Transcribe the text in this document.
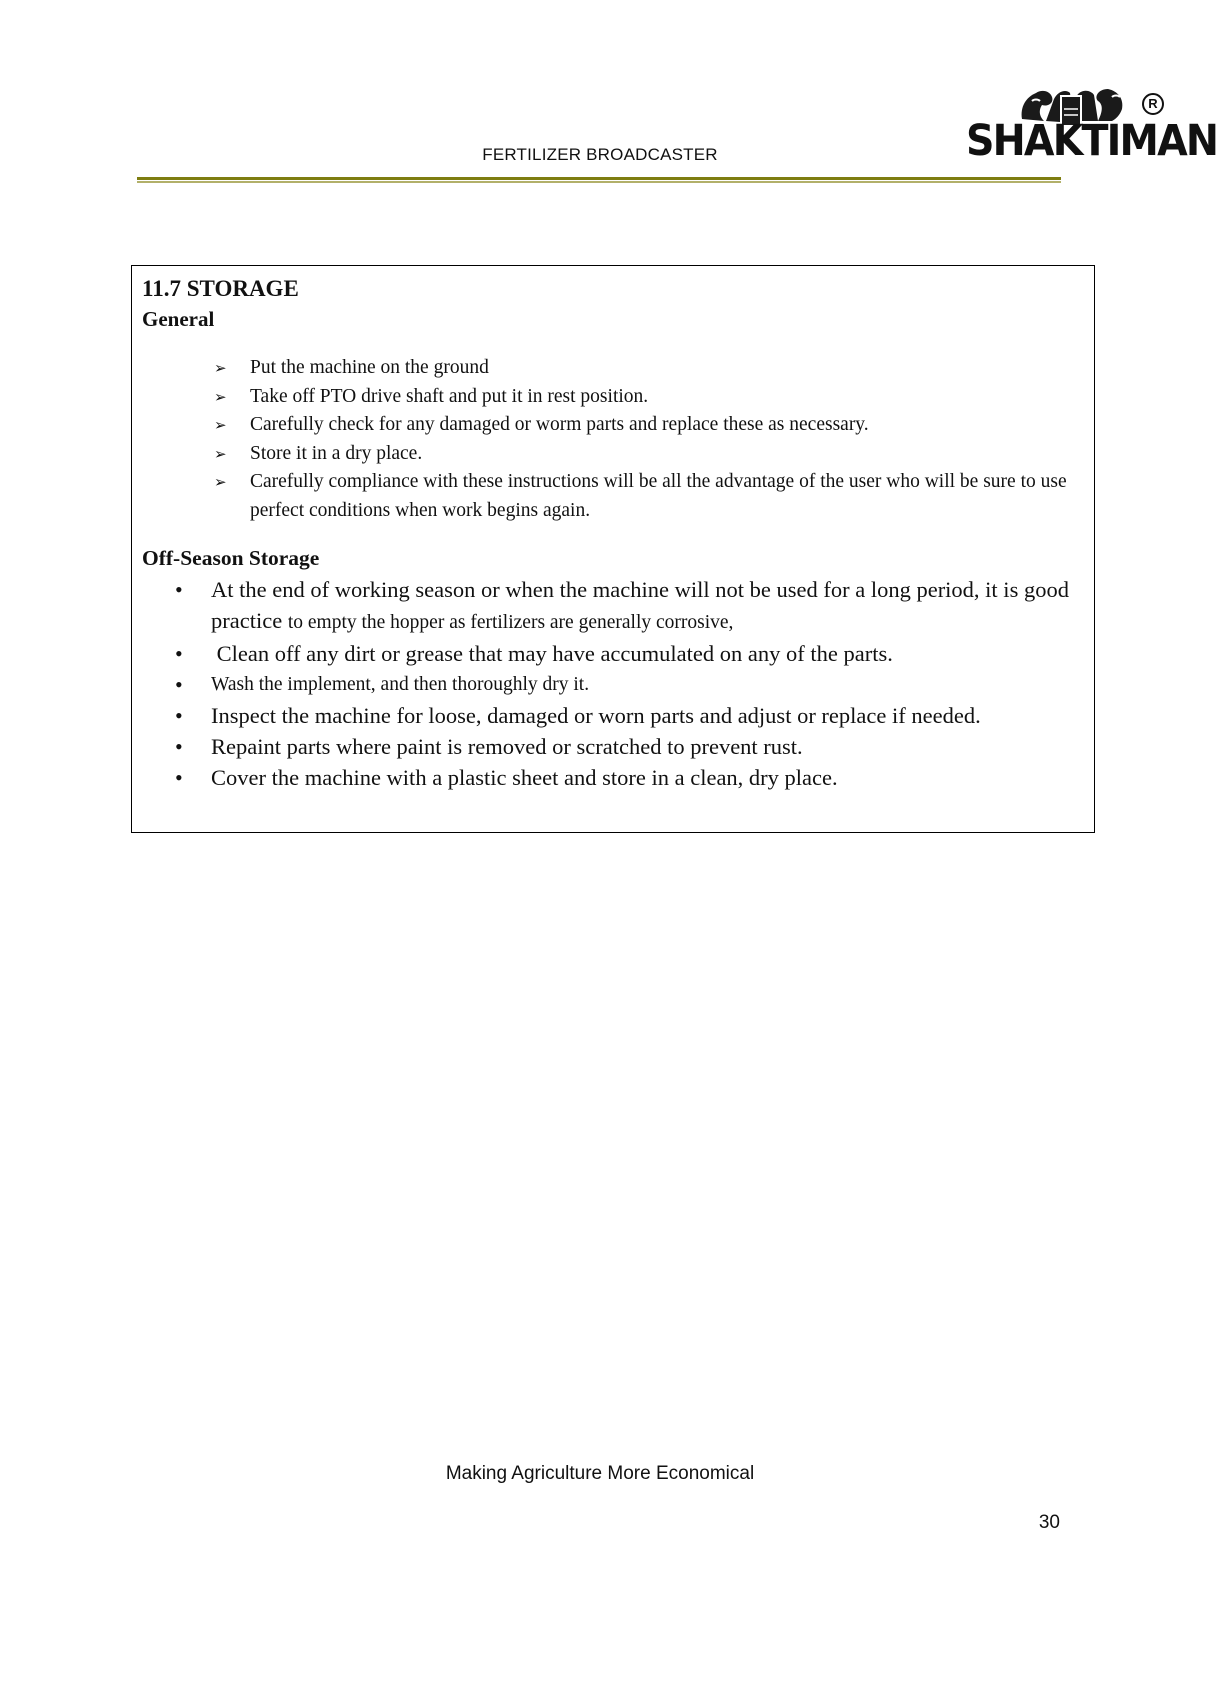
FERTILIZER BROADCASTER	SHAKTIMAN
R
11.7 STORAGE
General
➢ Put the machine on the ground
➢ Take off PTO drive shaft and put it in rest position.
➢ Carefully check for any damaged or worm parts and replace these as necessary.
➢ Store it in a dry place.
➢ Carefully compliance with these instructions will be all the advantage of the user who will be sure to use perfect conditions when work begins again.
Off-Season Storage
• At the end of working season or when the machine will not be used for a long period, it is good practice to empty the hopper as fertilizers are generally corrosive,
• Clean off any dirt or grease that may have accumulated on any of the parts.
• Wash the implement, and then thoroughly dry it.
• Inspect the machine for loose, damaged or worn parts and adjust or replace if needed.
• Repaint parts where paint is removed or scratched to prevent rust.
• Cover the machine with a plastic sheet and store in a clean, dry place.
Making Agriculture More Economical
30
